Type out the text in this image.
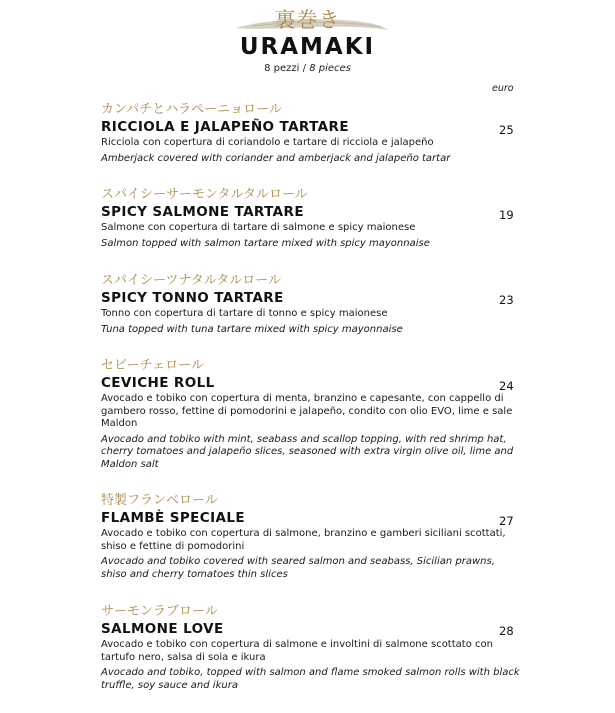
裏巻き
URAMAKI
8 pezzi / 8 pieces
euro
カンパチとハラペーニョロール
RICCIOLA E JALAPEÑO TARTARE
Ricciola con copertura di coriandolo e tartare di ricciola e jalapeño
Amberjack covered with coriander and amberjack and jalapeño tartar
25
スパイシーサーモンタルタルロール
SPICY SALMONE TARTARE
Salmone con copertura di tartare di salmone e spicy maionese
Salmon topped with salmon tartare mixed with spicy mayonnaise
19
スパイシーツナタルタルロール
SPICY TONNO TARTARE
Tonno con copertura di tartare di tonno e spicy maionese
Tuna topped with tuna tartare mixed with spicy mayonnaise
23
セビーチェロール
CEVICHE ROLL
Avocado e tobiko con copertura di menta, branzino e capesante, con cappello di gambero rosso, fettine di pomodorini e jalapeño, condito con olio EVO, lime e sale Maldon
Avocado and tobiko with mint, seabass and scallop topping, with red shrimp hat, cherry tomatoes and jalapeño slices, seasoned with extra virgin olive oil, lime and Maldon salt
24
特製フランベロール
FLAMBÈ SPECIALE
Avocado e tobiko con copertura di salmone, branzino e gamberi siciliani scottati, shiso e fettine di pomodorini
Avocado and tobiko covered with seared salmon and seabass, Sicilian prawns, shiso and cherry tomatoes thin slices
27
サーモンラブロール
SALMONE LOVE
Avocado e tobiko con copertura di salmone e involtini di salmone scottato con tartufo nero, salsa di soia e ikura
Avocado and tobiko, topped with salmon and flame smoked salmon rolls with black truffle, soy sauce and ikura
28
